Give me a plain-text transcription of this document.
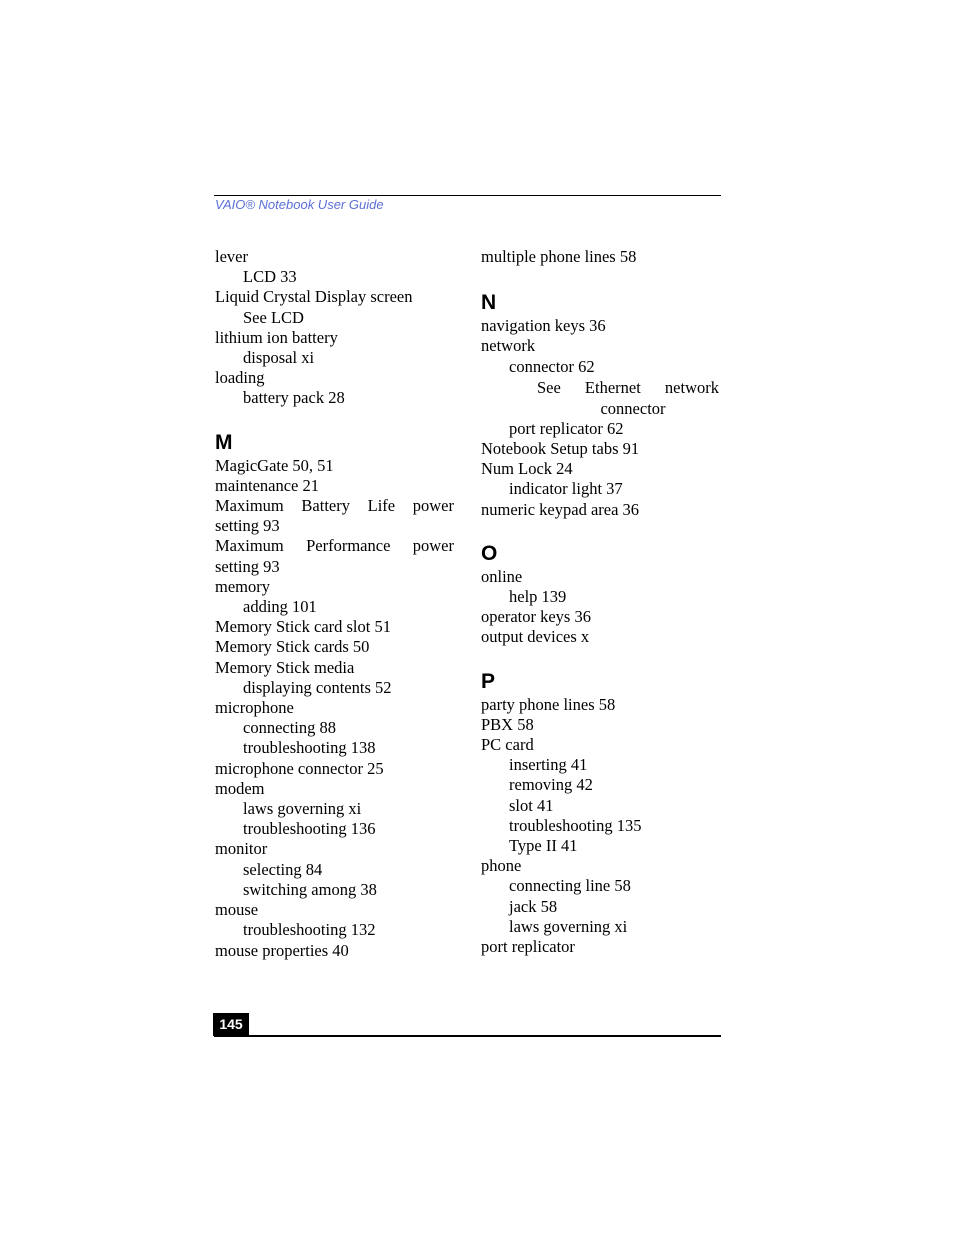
VAIO® Notebook User Guide
lever
LCD 33
Liquid Crystal Display screen
See LCD
lithium ion battery
disposal xi
loading
battery pack 28
M
MagicGate 50, 51
maintenance 21
Maximum Battery Life power
setting 93
Maximum Performance power
setting 93
memory
adding 101
Memory Stick card slot 51
Memory Stick cards 50
Memory Stick media
displaying contents 52
microphone
connecting 88
troubleshooting 138
microphone connector 25
modem
laws governing xi
troubleshooting 136
monitor
selecting 84
switching among 38
mouse
troubleshooting 132
mouse properties 40
multiple phone lines 58
N
navigation keys 36
network
connector 62
See Ethernet network
connector
port replicator 62
Notebook Setup tabs 91
Num Lock 24
indicator light 37
numeric keypad area 36
O
online
help 139
operator keys 36
output devices x
P
party phone lines 58
PBX 58
PC card
inserting 41
removing 42
slot 41
troubleshooting 135
Type II 41
phone
connecting line 58
jack 58
laws governing xi
port replicator
145
